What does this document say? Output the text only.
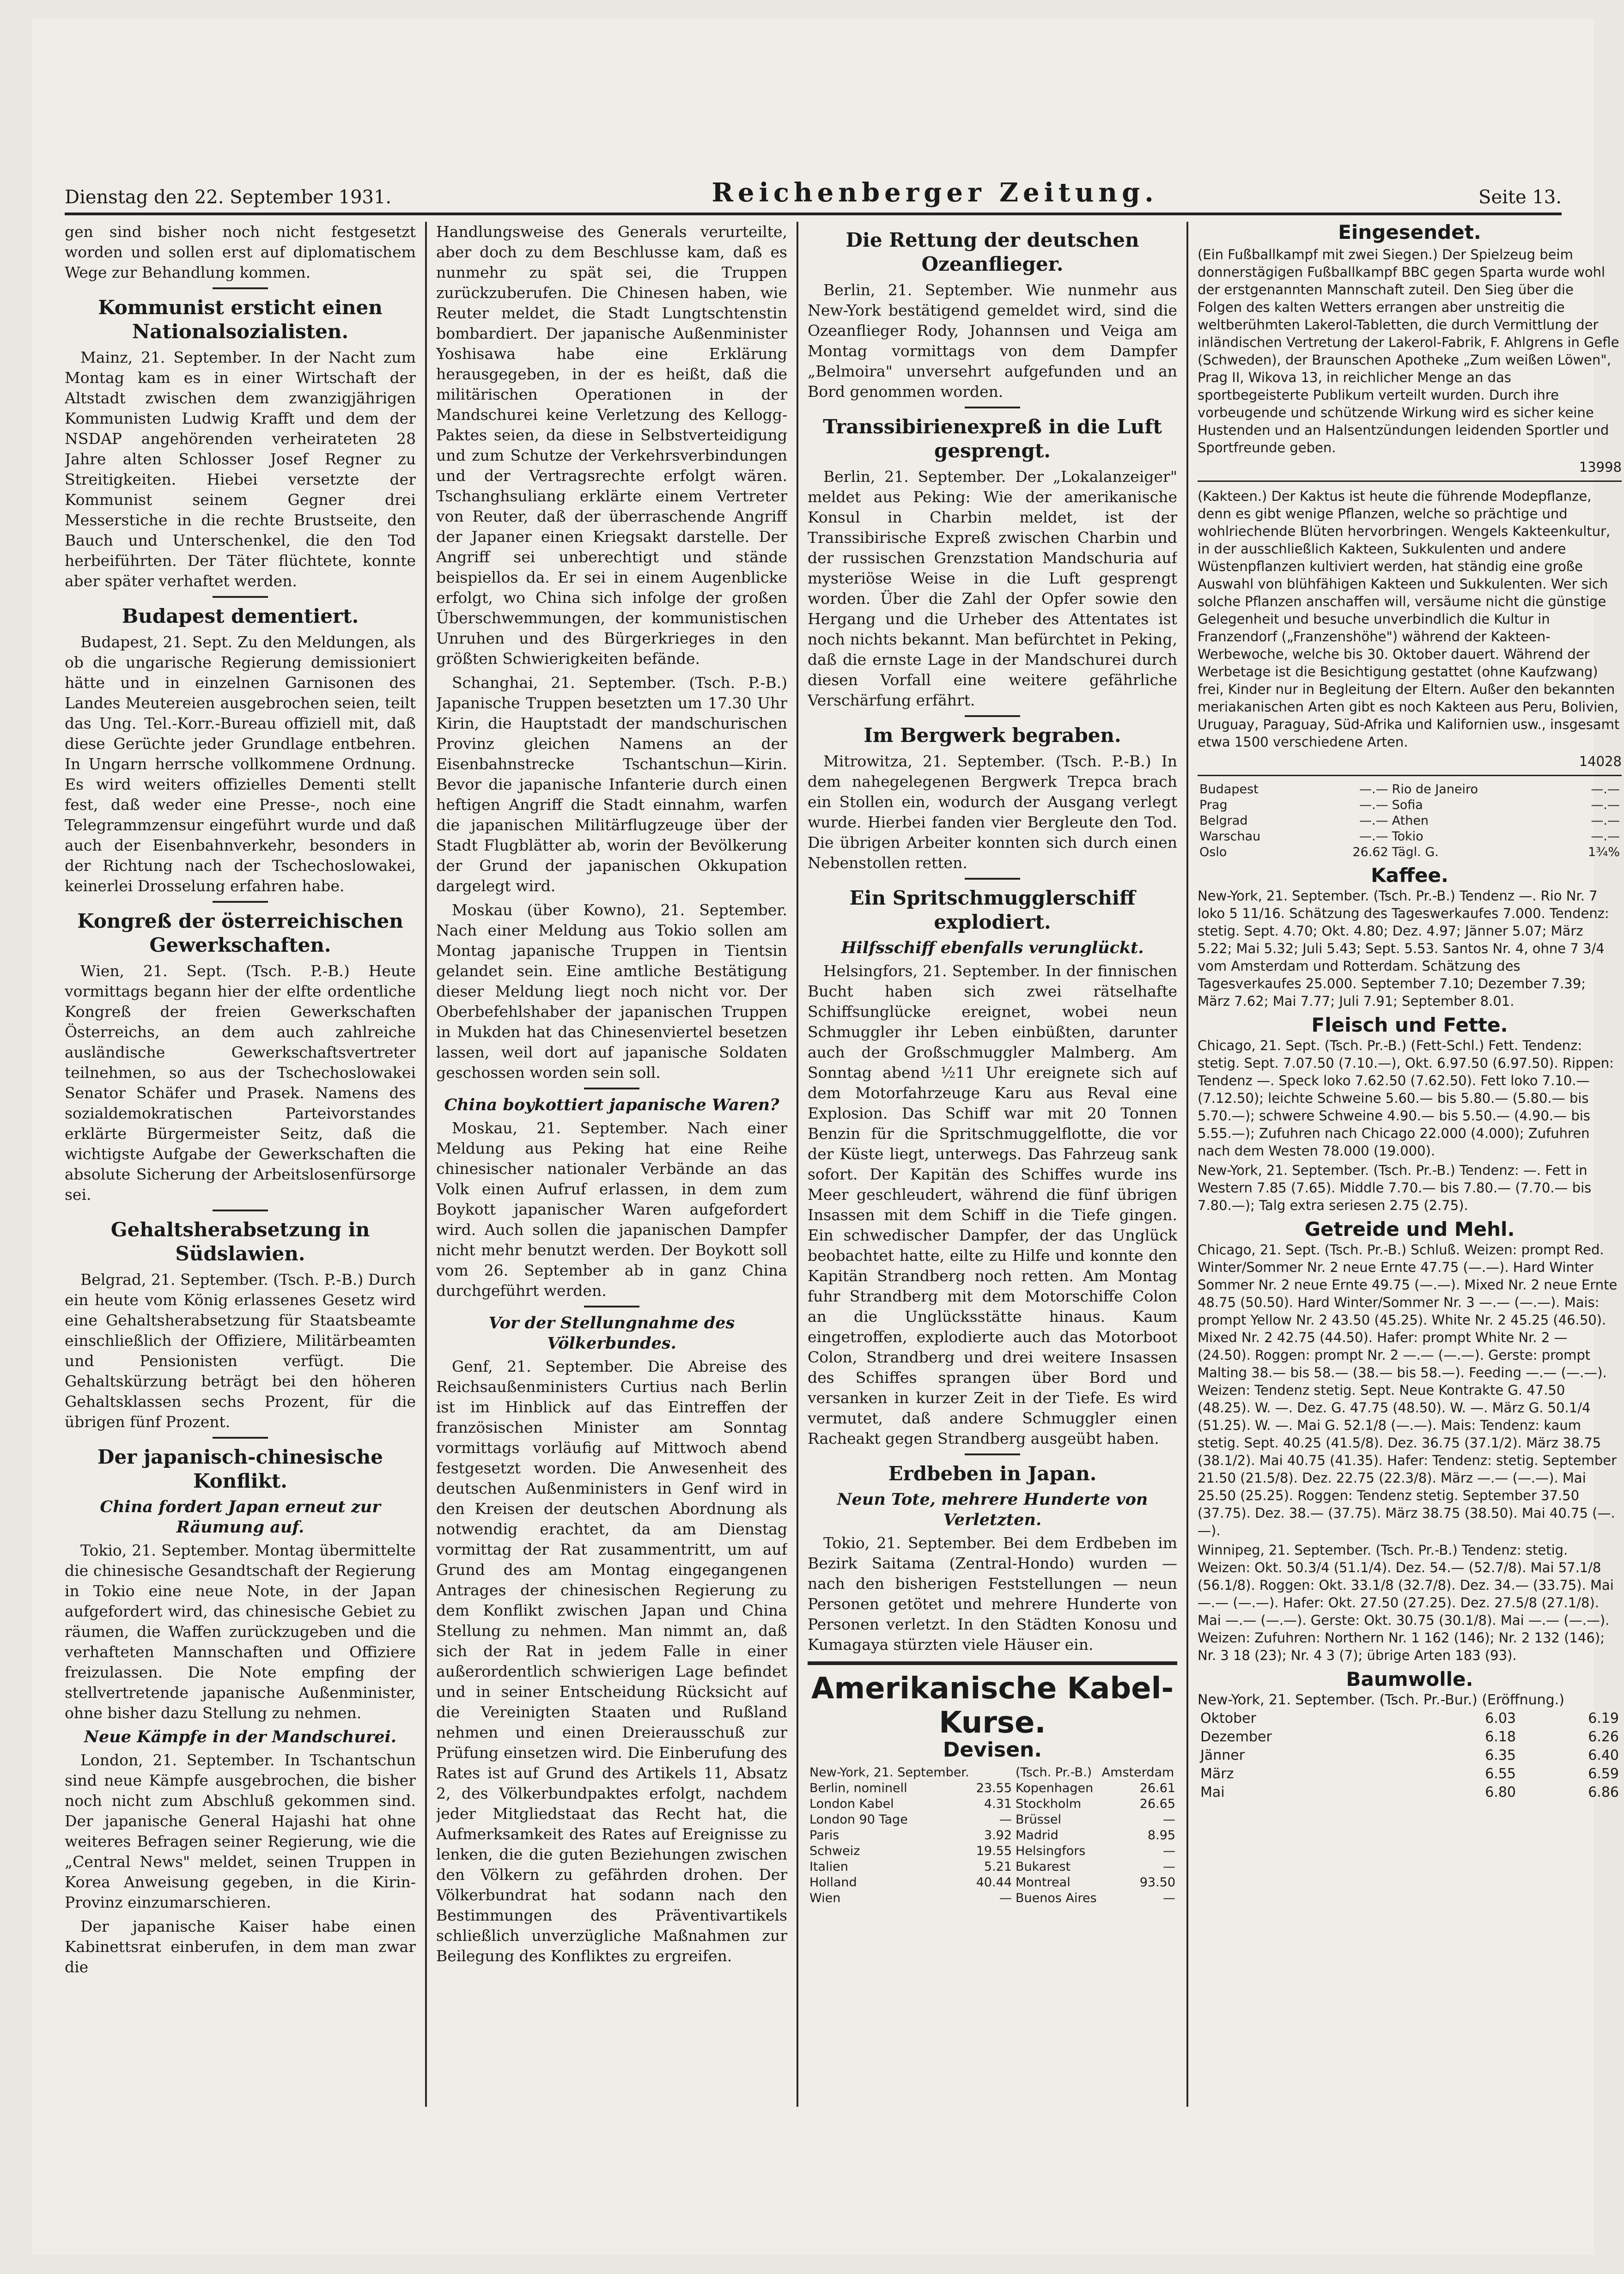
Dienstag den 22. September 1931.	Reichenberger Zeitung.	Seite 13.

gen sind bisher noch nicht festgesetzt worden und sollen erst auf diplomatischem Wege zur Behandlung kommen.

Kommunist ersticht einen Nationalsozialisten.

Mainz, 21. September. In der Nacht zum Montag kam es in einer Wirtschaft der Altstadt zwischen dem zwanzigjährigen Kommunisten Ludwig Krafft und dem der NSDAP angehörenden verheirateten 28 Jahre alten Schlosser Josef Regner zu Streitigkeiten. Hiebei versetzte der Kommunist seinem Gegner drei Messerstiche in die rechte Brustseite, den Bauch und Unterschenkel, die den Tod herbeiführten. Der Täter flüchtete, konnte aber später verhaftet werden.

Budapest dementiert.

Budapest, 21. Sept. Zu den Meldungen, als ob die ungarische Regierung demissioniert hätte und in einzelnen Garnisonen des Landes Meutereien ausgebrochen seien, teilt das Ung. Tel.-Korr.-Bureau offiziell mit, daß diese Gerüchte jeder Grundlage entbehren. In Ungarn herrsche vollkommene Ordnung. Es wird weiters offizielles Dementi stellt fest, daß weder eine Presse-, noch eine Telegrammzensur eingeführt wurde und daß auch der Eisenbahnverkehr, besonders in der Richtung nach der Tschechoslowakei, keinerlei Drosselung erfahren habe.

Kongreß der österreichischen Gewerkschaften.

Wien, 21. Sept. (Tsch. P.-B.) Heute vormittags begann hier der elfte ordentliche Kongreß der freien Gewerkschaften Österreichs, an dem auch zahlreiche ausländische Gewerkschaftsvertreter teilnehmen, so aus der Tschechoslowakei Senator Schäfer und Prasek. Namens des sozialdemokratischen Parteivorstandes erklärte Bürgermeister Seitz, daß die wichtigste Aufgabe der Gewerkschaften die absolute Sicherung der Arbeitslosenfürsorge sei.

Gehaltsherabsetzung in Südslawien.

Belgrad, 21. September. (Tsch. P.-B.) Durch ein heute vom König erlassenes Gesetz wird eine Gehaltsherabsetzung für Staatsbeamte einschließlich der Offiziere, Militärbeamten und Pensionisten verfügt. Die Gehaltskürzung beträgt bei den höheren Gehaltsklassen sechs Prozent, für die übrigen fünf Prozent.

Der japanisch-chinesische Konflikt.
China fordert Japan erneut zur Räumung auf.

Tokio, 21. September. Montag übermittelte die chinesische Gesandtschaft der Regierung in Tokio eine neue Note, in der Japan aufgefordert wird, das chinesische Gebiet zu räumen, die Waffen zurückzugeben und die verhafteten Mannschaften und Offiziere freizulassen. Die Note empfing der stellvertretende japanische Außenminister, ohne bisher dazu Stellung zu nehmen.

Neue Kämpfe in der Mandschurei.

London, 21. September. In Tschantschun sind neue Kämpfe ausgebrochen, die bisher noch nicht zum Abschluß gekommen sind. Der japanische General Hajashi hat ohne weiteres Befragen seiner Regierung, wie die „Central News" meldet, seinen Truppen in Korea Anweisung gegeben, in die Kirin-Provinz einzumarschieren.

Der japanische Kaiser habe einen Kabinettsrat einberufen, in dem man zwar die

Handlungsweise des Generals verurteilte, aber doch zu dem Beschlusse kam, daß es nunmehr zu spät sei, die Truppen zurückzuberufen. Die Chinesen haben, wie Reuter meldet, die Stadt Lungtschtenstin bombardiert. Der japanische Außenminister Yoshisawa habe eine Erklärung herausgegeben, in der es heißt, daß die militärischen Operationen in der Mandschurei keine Verletzung des Kellogg-Paktes seien, da diese in Selbstverteidigung und zum Schutze der Verkehrsverbindungen und der Vertragsrechte erfolgt wären. Tschanghsuliang erklärte einem Vertreter von Reuter, daß der überraschende Angriff der Japaner einen Kriegsakt darstelle. Der Angriff sei unberechtigt und stände beispiellos da. Er sei in einem Augenblicke erfolgt, wo China sich infolge der großen Überschwemmungen, der kommunistischen Unruhen und des Bürgerkrieges in den größten Schwierigkeiten befände.

Schanghai, 21. September. (Tsch. P.-B.) Japanische Truppen besetzten um 17.30 Uhr Kirin, die Hauptstadt der mandschurischen Provinz gleichen Namens an der Eisenbahnstrecke Tschantschun—Kirin. Bevor die japanische Infanterie durch einen heftigen Angriff die Stadt einnahm, warfen die japanischen Militärflugzeuge über der Stadt Flugblätter ab, worin der Bevölkerung der Grund der japanischen Okkupation dargelegt wird.

Moskau (über Kowno), 21. September. Nach einer Meldung aus Tokio sollen am Montag japanische Truppen in Tientsin gelandet sein. Eine amtliche Bestätigung dieser Meldung liegt noch nicht vor. Der Oberbefehlshaber der japanischen Truppen in Mukden hat das Chinesenviertel besetzen lassen, weil dort auf japanische Soldaten geschossen worden sein soll.

China boykottiert japanische Waren?

Moskau, 21. September. Nach einer Meldung aus Peking hat eine Reihe chinesischer nationaler Verbände an das Volk einen Aufruf erlassen, in dem zum Boykott japanischer Waren aufgefordert wird. Auch sollen die japanischen Dampfer nicht mehr benutzt werden. Der Boykott soll vom 26. September ab in ganz China durchgeführt werden.

Vor der Stellungnahme des Völkerbundes.

Genf, 21. September. Die Abreise des Reichsaußenministers Curtius nach Berlin ist im Hinblick auf das Eintreffen der französischen Minister am Sonntag vormittags vorläufig auf Mittwoch abend festgesetzt worden. Die Anwesenheit des deutschen Außenministers in Genf wird in den Kreisen der deutschen Abordnung als notwendig erachtet, da am Dienstag vormittag der Rat zusammentritt, um auf Grund des am Montag eingegangenen Antrages der chinesischen Regierung zu dem Konflikt zwischen Japan und China Stellung zu nehmen. Man nimmt an, daß sich der Rat in jedem Falle in einer außerordentlich schwierigen Lage befindet und in seiner Entscheidung Rücksicht auf die Vereinigten Staaten und Rußland nehmen und einen Dreierausschuß zur Prüfung einsetzen wird. Die Einberufung des Rates ist auf Grund des Artikels 11, Absatz 2, des Völkerbundpaktes erfolgt, nachdem jeder Mitgliedstaat das Recht hat, die Aufmerksamkeit des Rates auf Ereignisse zu lenken, die die guten Beziehungen zwischen den Völkern zu gefährden drohen. Der Völkerbundrat hat sodann nach den Bestimmungen des Präventivartikels schließlich unverzügliche Maßnahmen zur Beilegung des Konfliktes zu ergreifen.

Die Rettung der deutschen Ozeanflieger.

Berlin, 21. September. Wie nunmehr aus New-York bestätigend gemeldet wird, sind die Ozeanflieger Rody, Johannsen und Veiga am Montag vormittags von dem Dampfer „Belmoira" unversehrt aufgefunden und an Bord genommen worden.

Transsibirienexpreß in die Luft gesprengt.

Berlin, 21. September. Der „Lokalanzeiger" meldet aus Peking: Wie der amerikanische Konsul in Charbin meldet, ist der Transsibirische Expreß zwischen Charbin und der russischen Grenzstation Mandschuria auf mysteriöse Weise in die Luft gesprengt worden. Über die Zahl der Opfer sowie den Hergang und die Urheber des Attentates ist noch nichts bekannt. Man befürchtet in Peking, daß die ernste Lage in der Mandschurei durch diesen Vorfall eine weitere gefährliche Verschärfung erfährt.

Im Bergwerk begraben.

Mitrowitza, 21. September. (Tsch. P.-B.) In dem nahegelegenen Bergwerk Trepca brach ein Stollen ein, wodurch der Ausgang verlegt wurde. Hierbei fanden vier Bergleute den Tod. Die übrigen Arbeiter konnten sich durch einen Nebenstollen retten.

Ein Spritschmugglerschiff explodiert.
Hilfsschiff ebenfalls verunglückt.

Helsingfors, 21. September. In der finnischen Bucht haben sich zwei rätselhafte Schiffsunglücke ereignet, wobei neun Schmuggler ihr Leben einbüßten, darunter auch der Großschmuggler Malmberg. Am Sonntag abend ½11 Uhr ereignete sich auf dem Motorfahrzeuge Karu aus Reval eine Explosion. Das Schiff war mit 20 Tonnen Benzin für die Spritschmuggelflotte, die vor der Küste liegt, unterwegs. Das Fahrzeug sank sofort. Der Kapitän des Schiffes wurde ins Meer geschleudert, während die fünf übrigen Insassen mit dem Schiff in die Tiefe gingen. Ein schwedischer Dampfer, der das Unglück beobachtet hatte, eilte zu Hilfe und konnte den Kapitän Strandberg noch retten. Am Montag fuhr Strandberg mit dem Motorschiffe Colon an die Unglücksstätte hinaus. Kaum eingetroffen, explodierte auch das Motorboot Colon, Strandberg und drei weitere Insassen des Schiffes sprangen über Bord und versanken in kurzer Zeit in der Tiefe. Es wird vermutet, daß andere Schmuggler einen Racheakt gegen Strandberg ausgeübt haben.

Erdbeben in Japan.
Neun Tote, mehrere Hunderte von Verletzten.

Tokio, 21. September. Bei dem Erdbeben im Bezirk Saitama (Zentral-Hondo) wurden — nach den bisherigen Feststellungen — neun Personen getötet und mehrere Hunderte von Personen verletzt. In den Städten Konosu und Kumagaya stürzten viele Häuser ein.

Amerikanische Kabel-Kurse.
Devisen.
New-York, 21. September.		(Tsch. Pr.-B.)	Amsterdam
Berlin, nominell	23.55	Kopenhagen	26.61
London Kabel	4.31	Stockholm	26.65
London 90 Tage	—	Brüssel	—
Paris	3.92	Madrid	8.95
Schweiz	19.55	Helsingfors	—
Italien	5.21	Bukarest	—
Holland	40.44	Montreal	93.50
Wien	—	Buenos Aires	—
Eingesendet.

(Ein Fußballkampf mit zwei Siegen.) Der Spielzeug beim donnerstägigen Fußballkampf BBC gegen Sparta wurde wohl der erstgenannten Mannschaft zuteil. Den Sieg über die Folgen des kalten Wetters errangen aber unstreitig die weltberühmten Lakerol-Tabletten, die durch Vermittlung der inländischen Vertretung der Lakerol-Fabrik, F. Ahlgrens in Gefle (Schweden), der Braunschen Apotheke „Zum weißen Löwen", Prag II, Wikova 13, in reichlicher Menge an das sportbegeisterte Publikum verteilt wurden. Durch ihre vorbeugende und schützende Wirkung wird es sicher keine Hustenden und an Halsentzündungen leidenden Sportler und Sportfreunde geben.

13998

(Kakteen.) Der Kaktus ist heute die führende Modepflanze, denn es gibt wenige Pflanzen, welche so prächtige und wohlriechende Blüten hervorbringen. Wengels Kakteenkultur, in der ausschließlich Kakteen, Sukkulenten und andere Wüstenpflanzen kultiviert werden, hat ständig eine große Auswahl von blühfähigen Kakteen und Sukkulenten. Wer sich solche Pflanzen anschaffen will, versäume nicht die günstige Gelegenheit und besuche unverbindlich die Kultur in Franzendorf („Franzenshöhe") während der Kakteen-Werbewoche, welche bis 30. Oktober dauert. Während der Werbetage ist die Besichtigung gestattet (ohne Kaufzwang) frei, Kinder nur in Begleitung der Eltern. Außer den bekannten meriakanischen Arten gibt es noch Kakteen aus Peru, Bolivien, Uruguay, Paraguay, Süd-Afrika und Kalifornien usw., insgesamt etwa 1500 verschiedene Arten.

14028

Budapest	—.—	Rio de Janeiro	—.—
Prag	—.—	Sofia	—.—
Belgrad	—.—	Athen	—.—
Warschau	—.—	Tokio	—.—
Oslo	26.62	Tägl. G.	1¾%
Kaffee.

New-York, 21. September. (Tsch. Pr.-B.) Tendenz —. Rio Nr. 7 loko 5 11/16. Schätzung des Tageswerkaufes 7.000. Tendenz: stetig. Sept. 4.70; Okt. 4.80; Dez. 4.97; Jänner 5.07; März 5.22; Mai 5.32; Juli 5.43; Sept. 5.53. Santos Nr. 4, ohne 7 3/4 vom Amsterdam und Rotterdam. Schätzung des Tagesverkaufes 25.000. September 7.10; Dezember 7.39; März 7.62; Mai 7.77; Juli 7.91; September 8.01.

Fleisch und Fette.

Chicago, 21. Sept. (Tsch. Pr.-B.) (Fett-Schl.) Fett. Tendenz: stetig. Sept. 7.07.50 (7.10.—), Okt. 6.97.50 (6.97.50). Rippen: Tendenz —. Speck loko 7.62.50 (7.62.50). Fett loko 7.10.— (7.12.50); leichte Schweine 5.60.— bis 5.80.— (5.80.— bis 5.70.—); schwere Schweine 4.90.— bis 5.50.— (4.90.— bis 5.55.—); Zufuhren nach Chicago 22.000 (4.000); Zufuhren nach dem Westen 78.000 (19.000).

New-York, 21. September. (Tsch. Pr.-B.) Tendenz: —. Fett in Western 7.85 (7.65). Middle 7.70.— bis 7.80.— (7.70.— bis 7.80.—); Talg extra seriesen 2.75 (2.75).

Getreide und Mehl.

Chicago, 21. Sept. (Tsch. Pr.-B.) Schluß. Weizen: prompt Red. Winter/Sommer Nr. 2 neue Ernte 47.75 (—.—). Hard Winter Sommer Nr. 2 neue Ernte 49.75 (—.—). Mixed Nr. 2 neue Ernte 48.75 (50.50). Hard Winter/Sommer Nr. 3 —.— (—.—). Mais: prompt Yellow Nr. 2 43.50 (45.25). White Nr. 2 45.25 (46.50). Mixed Nr. 2 42.75 (44.50). Hafer: prompt White Nr. 2 — (24.50). Roggen: prompt Nr. 2 —.— (—.—). Gerste: prompt Malting 38.— bis 58.— (38.— bis 58.—). Feeding —.— (—.—). Weizen: Tendenz stetig. Sept. Neue Kontrakte G. 47.50 (48.25). W. —. Dez. G. 47.75 (48.50). W. —. März G. 50.1/4 (51.25). W. —. Mai G. 52.1/8 (—.—). Mais: Tendenz: kaum stetig. Sept. 40.25 (41.5/8). Dez. 36.75 (37.1/2). März 38.75 (38.1/2). Mai 40.75 (41.35). Hafer: Tendenz: stetig. September 21.50 (21.5/8). Dez. 22.75 (22.3/8). März —.— (—.—). Mai 25.50 (25.25). Roggen: Tendenz stetig. September 37.50 (37.75). Dez. 38.— (37.75). März 38.75 (38.50). Mai 40.75 (—.—).

Winnipeg, 21. September. (Tsch. Pr.-B.) Tendenz: stetig. Weizen: Okt. 50.3/4 (51.1/4). Dez. 54.— (52.7/8). Mai 57.1/8 (56.1/8). Roggen: Okt. 33.1/8 (32.7/8). Dez. 34.— (33.75). Mai —.— (—.—). Hafer: Okt. 27.50 (27.25). Dez. 27.5/8 (27.1/8). Mai —.— (—.—). Gerste: Okt. 30.75 (30.1/8). Mai —.— (—.—). Weizen: Zufuhren: Northern Nr. 1 162 (146); Nr. 2 132 (146); Nr. 3 18 (23); Nr. 4 3 (7); übrige Arten 183 (93).

Baumwolle.
New-York, 21. September. (Tsch. Pr.-Bur.) (Eröffnung.)
Oktober	6.03	6.19
Dezember	6.18	6.26
Jänner	6.35	6.40
März	6.55	6.59
Mai	6.80	6.86
